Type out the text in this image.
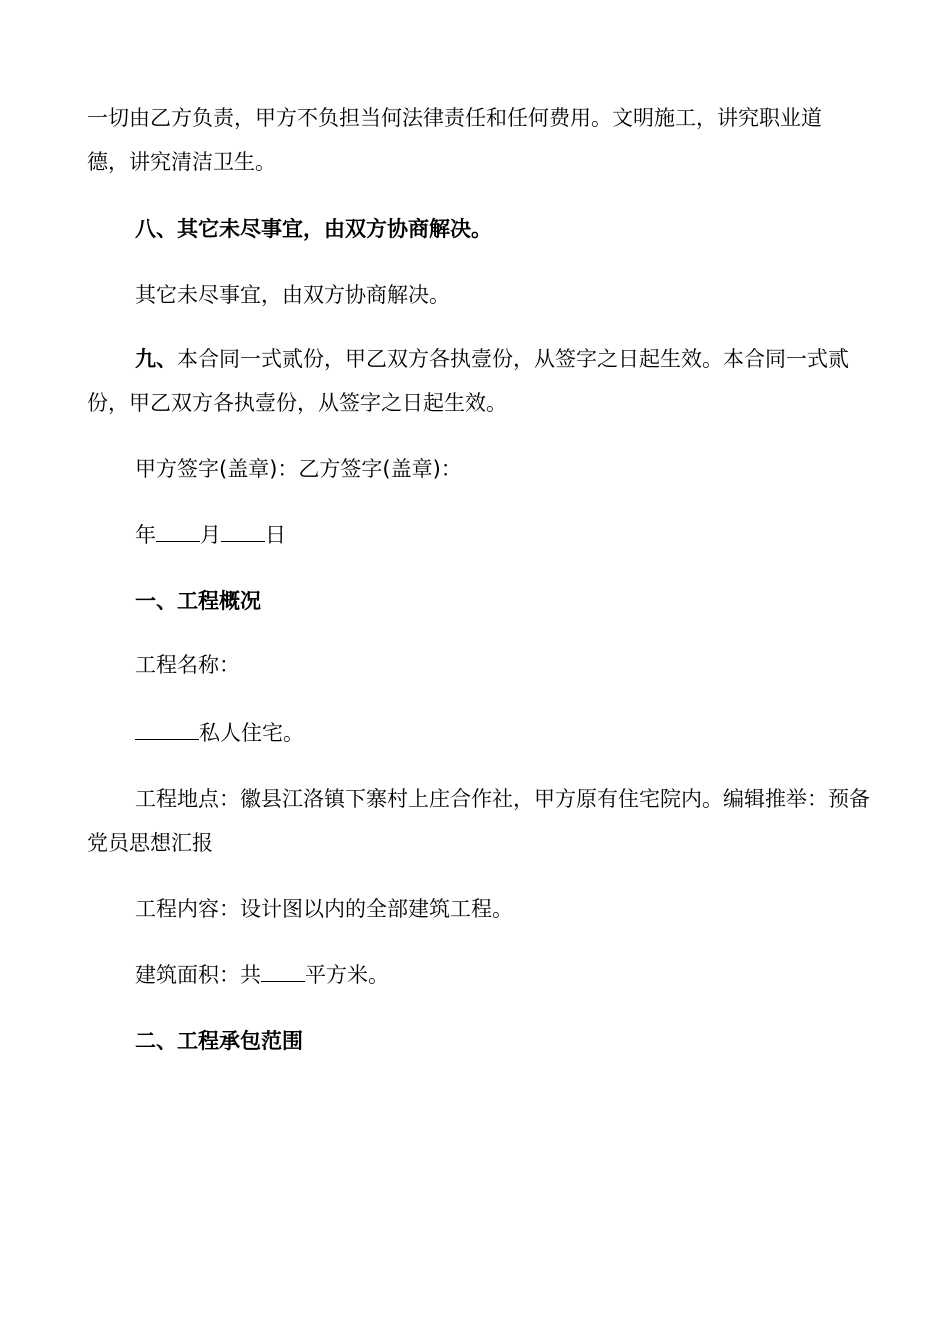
一切由乙方负责，甲方不负担当何法律责任和任何费用。文明施工，讲究职业道
德，讲究清洁卫生。

八、其它未尽事宜，由双方协商解决。

其它未尽事宜，由双方协商解决。

九、本合同一式贰份，甲乙双方各执壹份，从签字之日起生效。本合同一式贰份，甲乙双方各执壹份，从签字之日起生效。

甲方签字(盖章)：乙方签字(盖章)：

年 月 日

一、工程概况

工程名称：

私人住宅。

工程地点：徽县江洛镇下寨村上庄合作社，甲方原有住宅院内。编辑推举：预备党员思想汇报

工程内容：设计图以内的全部建筑工程。

建筑面积：共 平方米。

二、工程承包范围
